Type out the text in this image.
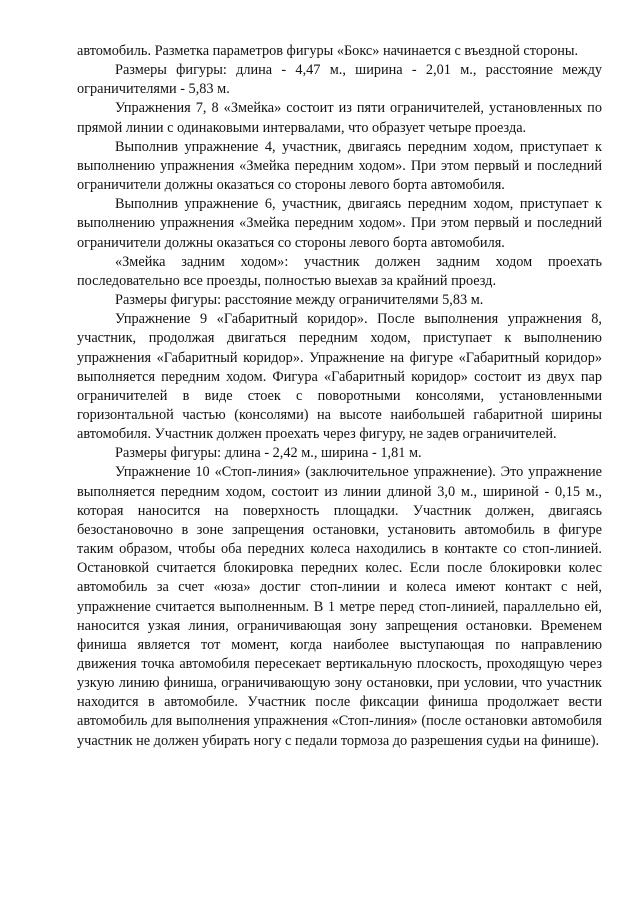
автомобиль. Разметка параметров фигуры «Бокс» начинается с въездной стороны.

Размеры фигуры: длина - 4,47 м., ширина - 2,01 м., расстояние между ограничителями - 5,83 м.

Упражнения 7, 8 «Змейка» состоит из пяти ограничителей, установленных по прямой линии с одинаковыми интервалами, что образует четыре проезда.

Выполнив упражнение 4, участник, двигаясь передним ходом, приступает к выполнению упражнения «Змейка передним ходом». При этом первый и последний ограничители должны оказаться со стороны левого борта автомобиля.

Выполнив упражнение 6, участник, двигаясь передним ходом, приступает к выполнению упражнения «Змейка передним ходом». При этом первый и последний ограничители должны оказаться со стороны левого борта автомобиля.

«Змейка задним ходом»: участник должен задним ходом проехать последовательно все проезды, полностью выехав за крайний проезд.

Размеры фигуры: расстояние между ограничителями 5,83 м.

Упражнение 9 «Габаритный коридор». После выполнения упражнения 8, участник, продолжая двигаться передним ходом, приступает к выполнению упражнения «Габаритный коридор». Упражнение на фигуре «Габаритный коридор» выполняется передним ходом. Фигура «Габаритный коридор» состоит из двух пар ограничителей в виде стоек с поворотными консолями, установленными горизонтальной частью (консолями) на высоте наибольшей габаритной ширины автомобиля. Участник должен проехать через фигуру, не задев ограничителей.

Размеры фигуры: длина - 2,42 м., ширина - 1,81 м.

Упражнение 10 «Стоп-линия» (заключительное упражнение). Это упражнение выполняется передним ходом, состоит из линии длиной 3,0 м., шириной - 0,15 м., которая наносится на поверхность площадки. Участник должен, двигаясь безостановочно в зоне запрещения остановки, установить автомобиль в фигуре таким образом, чтобы оба передних колеса находились в контакте со стоп-линией. Остановкой считается блокировка передних колес. Если после блокировки колес автомобиль за счет «юза» достиг стоп-линии и колеса имеют контакт с ней, упражнение считается выполненным. В 1 метре перед стоп-линией, параллельно ей, наносится узкая линия, ограничивающая зону запрещения остановки. Временем финиша является тот момент, когда наиболее выступающая по направлению движения точка автомобиля пересекает вертикальную плоскость, проходящую через узкую линию финиша, ограничивающую зону остановки, при условии, что участник находится в автомобиле. Участник после фиксации финиша продолжает вести автомобиль для выполнения упражнения «Стоп-линия» (после остановки автомобиля участник не должен убирать ногу с педали тормоза до разрешения судьи на финише).
